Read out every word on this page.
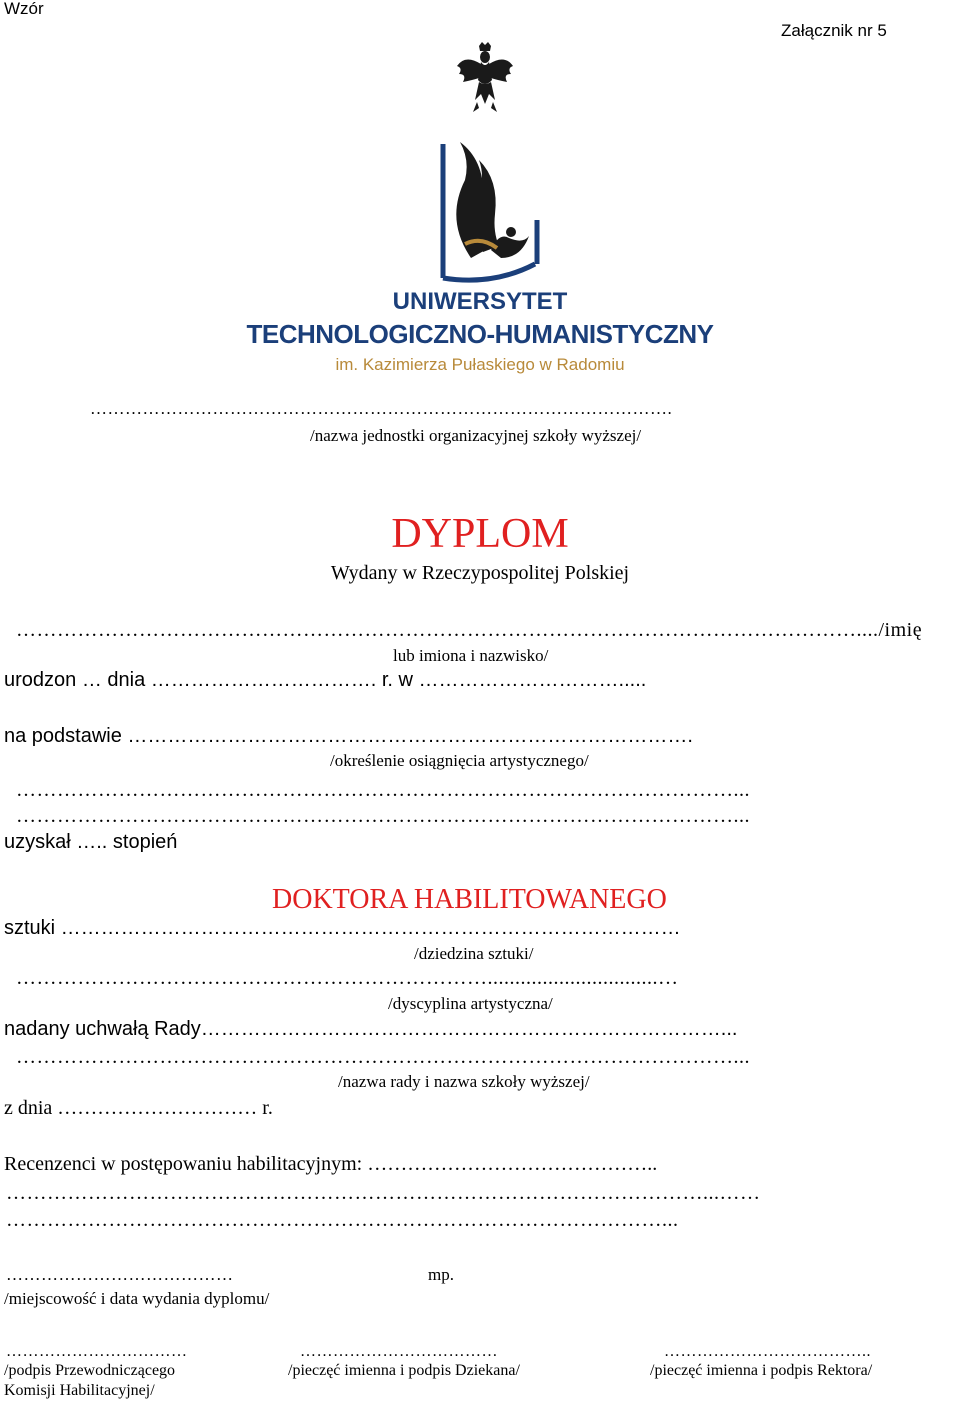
Wzór
Załącznik nr 5
UNIWERSYTET
TECHNOLOGICZNO-HUMANISTYCZNY
im. Kazimierza Pułaskiego w Radomiu
……………………………………………………………………………………….
/nazwa jednostki organizacyjnej szkoły wyższej/
DYPLOM
Wydany w Rzeczypospolitej Polskiej
……………………………………………………………………………………………………………..../imię
lub imiona i nazwisko/
urodzon … dnia ……………………………. r. w ………………………….....
na podstawie ………………………………………………………………………….
/określenie osiągnięcia artystycznego/
……………………………………………………………………………………………...
……………………………………………………………………………………………...
uzyskał ….. stopień
DOKTORA HABILITOWANEGO
sztuki …………………………………………………………………………………
/dziedzina sztuki/
……………………………………………………………...............................…
/dyscyplina artystyczna/
nadany uchwałą Rady……………………………………………………………………...
……………………………………………………………………………………………...
/nazwa rady i nazwa szkoły wyższej/
z dnia ………………………… r.
Recenzenci w postępowaniu habilitacyjnym: ……………………………………..
…………………………………………………………………………………………...……
……………………………………………………………………………………...
…………………………………	mp.
/miejscowość i data wydania dyplomu/
……………………………
/podpis Przewodniczącego
Komisji Habilitacyjnej/
………………………………
/pieczęć imienna i podpis Dziekana/
………………………………..
/pieczęć imienna i podpis Rektora/
